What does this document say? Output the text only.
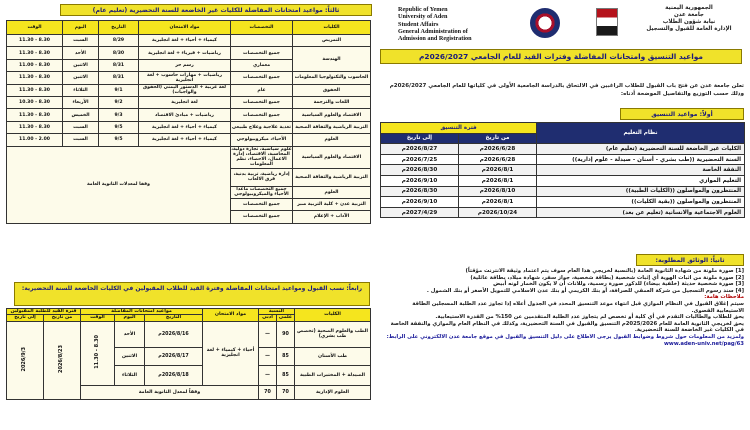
Republic of Yemen
University of Aden
Student Affairs
General Administration of
Admission and Registration
الجمهورية اليمنية
جامعة عدن
نيابة شؤون الطلاب
الإدارة العامة للقبول والتسجيل
مواعيد التنسيق وامتحانات المفاضلة وفترات القيد للعام الجامعي 2026/2027م
تعلن جامعة عدن عن فتح باب القبول للطلاب الراغبين في الالتحاق بالدراسة الجامعية الأولى في كلياتها للعام الجامعي 2026/2027م وذلك حسب التوزيع والتفاصيل الموضحة أدناه:
أولاً: مواعيد التنسيق
نظام التعليم	فترة التنسيق	
	من تاريخ	إلى تاريخ
الكليات غير الخاضعة للسنة التحضيرية (تعليم عام)	2026/6/28م	2026/8/27م
السنة التحضيرية ((طب بشري - أسنان - صيدلة - علوم إدارية))	2026/6/28م	2026/7/25م
النفقة الخاصة	2026/8/1م	2026/8/30م
التعليم الموازي	2026/8/1م	2026/9/10م
المنتظرون والمواصلون ((الكليات الطبية))	2026/8/10م	2026/8/30م
المنتظرون والمواصلون ((بقية الكليات))	2026/8/1م	2026/9/10م
العلوم الاجتماعية والانسانية (تعليم عن بعد)	2026/10/24م	2027/4/29م
ثانياً: الوثائق المطلوبة:
[1] صورة ملونة من شهادة الثانوية العامة (بالنسبة لخريجي هذا العام سوف يتم اعتماد وثيقة الانترنت مؤقتاً)
[2] صورة ملونة من اثبات الهوية أي إثبات شخصية (بطاقة شخصية، جواز سفر، شهادة ميلاد، بطاقة عائلية)
[3] صورة شخصية حديثة (خلفية بيضاء) للذكور صورة رسمية، وللاناث أن لا يكون الخمار لونه أبيض
[4] سند رسوم التسجيل من شركة العمقي للصرافة، أو بنك الكريمي أو بنك عدن الاسلامي للتمويل الأصغر أو بنك الشمول .
ملاحظات هامة:
سيتم إغلاق القبول في النظام الموازي قبل انتهاء موعد التنسيق المحدد في الجدول أعلاه إذا تجاوز عدد الطلبة المسجلين الطاقة الاستيعابية القصوى.
يحق للطلاب والطالبات التقدم في أي كلية أو تخصص لم يتجاوز عدد الطلبة المتقدمين عن 150% من القدرة الاستيعابية.
يحق لخريجي الثانوية العامة للعام 2025/2026م التنسيق والقبول في السنة التحضيرية، وكذلك في النظام العام والموازي والنفقة الخاصة في الكليات غير الخاضعة للسنة التحضيرية.
ولمزيد من المعلومات حول شروط وضوابط القبول يرجى الاطلاع على دليل التنسيق والقبول في موقع جامعة عدن الالكتروني على الرابط: www.aden-univ.net/pag/63
ثالثاً: مواعيد امتحانات المفاضلة للكليات غير الخاضعة للسنة التحضيرية (تعليم عام)
الكليات	التخصصات	مواد الامتحان	التاريخ	اليوم	الوقت
التمريض		كيمياء + أحياء + لغة انجليزية	8/29	السبت	8.30 - 11.30
الهندسة	جميع التخصصات	رياضيات + فيزياء + لغة انجليزية	8/30	الأحد	8.30 - 11.30
	معماري	رسم حر	8/31	الاثنين	8.30 - 11.00
الحاسوب والتكنولوجيا المعلومات	جميع التخصصات	رياضيات + مهارات حاسوب + لغة انجليزية	8/31	الاثنين	8.30 - 11.30
الحقوق	عام	لغة عربية + الدستور اليمني (الحقوق والواجبات)	9/1	الثلاثاء	8.30 - 11.30
اللغات والترجمة	جميع التخصصات	لغة انجليزية	9/2	الأربعاء	8.30 - 10.30
الاقتصاد والعلوم السياسية	جميع التخصصات	رياضيات + مبادئ الاقتصاد	9/3	الخميس	8.30 - 11.30
التربية الرياضية والثقافة الصحية	تغذية علاجية وعلاج طبيعي	كيمياء + أحياء + لغة انجليزية	9/5	السبت	8.30 - 11.30
العلوم	الأحياء، ميكروبيولوجي	كيمياء + أحياء + لغة انجليزية	9/5	السبت	2.00 - 11.00
الاقتصاد والعلوم السياسية	علوم سياسية، تجارة دولية، المحاسبة، الاقتصاد، إدارة الاعمال، الاحصاء، نظم المعلومات	وفقا لمعدلات الثانوية العامة			
التربية الرياضية والثقافة الصحية	إدارة رياضية، تربية بدنية، فرق الالعاب				
العلوم	جميع التخصصات ماعدا الأحياء والميكروبيولوجي				
التربية عدن + كلية التربية صبر	جميع التخصصات				
الآداب + الإعلام	جميع التخصصات				
رابعاً: نسب القبول ومواعيد امتحانات المفاضلة وفترة القيد للطلاب المقبولين في الكليات الخاضعة للسنة التحضيرية:
الكليات	النسبة		مواد الامتحان	مواعيد امتحانات المفاضلة			فترة القيد للطلبة المقبولين	
	علمي	أدبي		التاريخ	اليوم	الوقت	من تاريخ	إلى تاريخ
الطب والعلوم الصحية (تخصص طب بشري)	90	—	أحياء + كيمياء + لغة انجليزية	2026/8/16م	الأحد	8.30 - 11.30	2026/8/23	2026/9/3
طب الأسنان	85	—		2026/8/17م	الاثنين			
الصيدلة + المختبرات الطبية	85	—		2026/8/18م	الثلاثاء			
العلوم الإدارية	70	70	وفقاً لمعدل الثانوية العامة					
